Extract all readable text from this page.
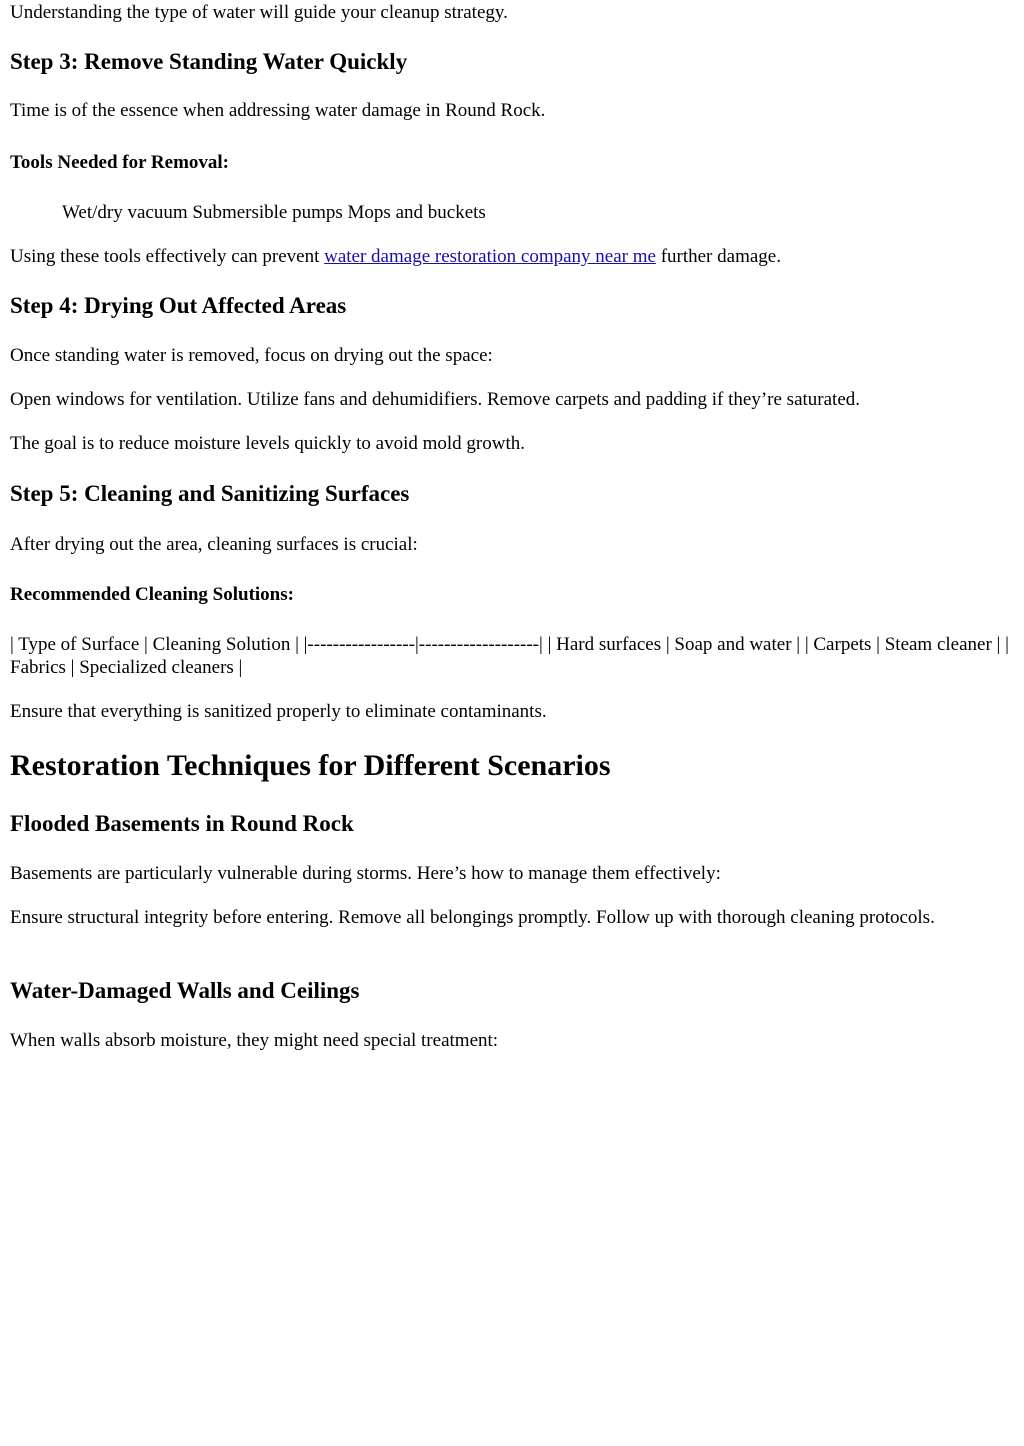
Understanding the type of water will guide your cleanup strategy.

Step 3: Remove Standing Water Quickly

Time is of the essence when addressing water damage in Round Rock.

Tools Needed for Removal:

Wet/dry vacuum Submersible pumps Mops and buckets

Using these tools effectively can prevent water damage restoration company near me further damage.

Step 4: Drying Out Affected Areas

Once standing water is removed, focus on drying out the space:

Open windows for ventilation. Utilize fans and dehumidifiers. Remove carpets and padding if they’re saturated.

The goal is to reduce moisture levels quickly to avoid mold growth.

Step 5: Cleaning and Sanitizing Surfaces

After drying out the area, cleaning surfaces is crucial:

Recommended Cleaning Solutions:

| Type of Surface | Cleaning Solution | |-----------------|-------------------| | Hard surfaces | Soap and water | | Carpets | Steam cleaner | | Fabrics | Specialized cleaners |

Ensure that everything is sanitized properly to eliminate contaminants.

Restoration Techniques for Different Scenarios
Flooded Basements in Round Rock

Basements are particularly vulnerable during storms. Here’s how to manage them effectively:

Ensure structural integrity before entering. Remove all belongings promptly. Follow up with thorough cleaning protocols.

Water-Damaged Walls and Ceilings

When walls absorb moisture, they might need special treatment:
